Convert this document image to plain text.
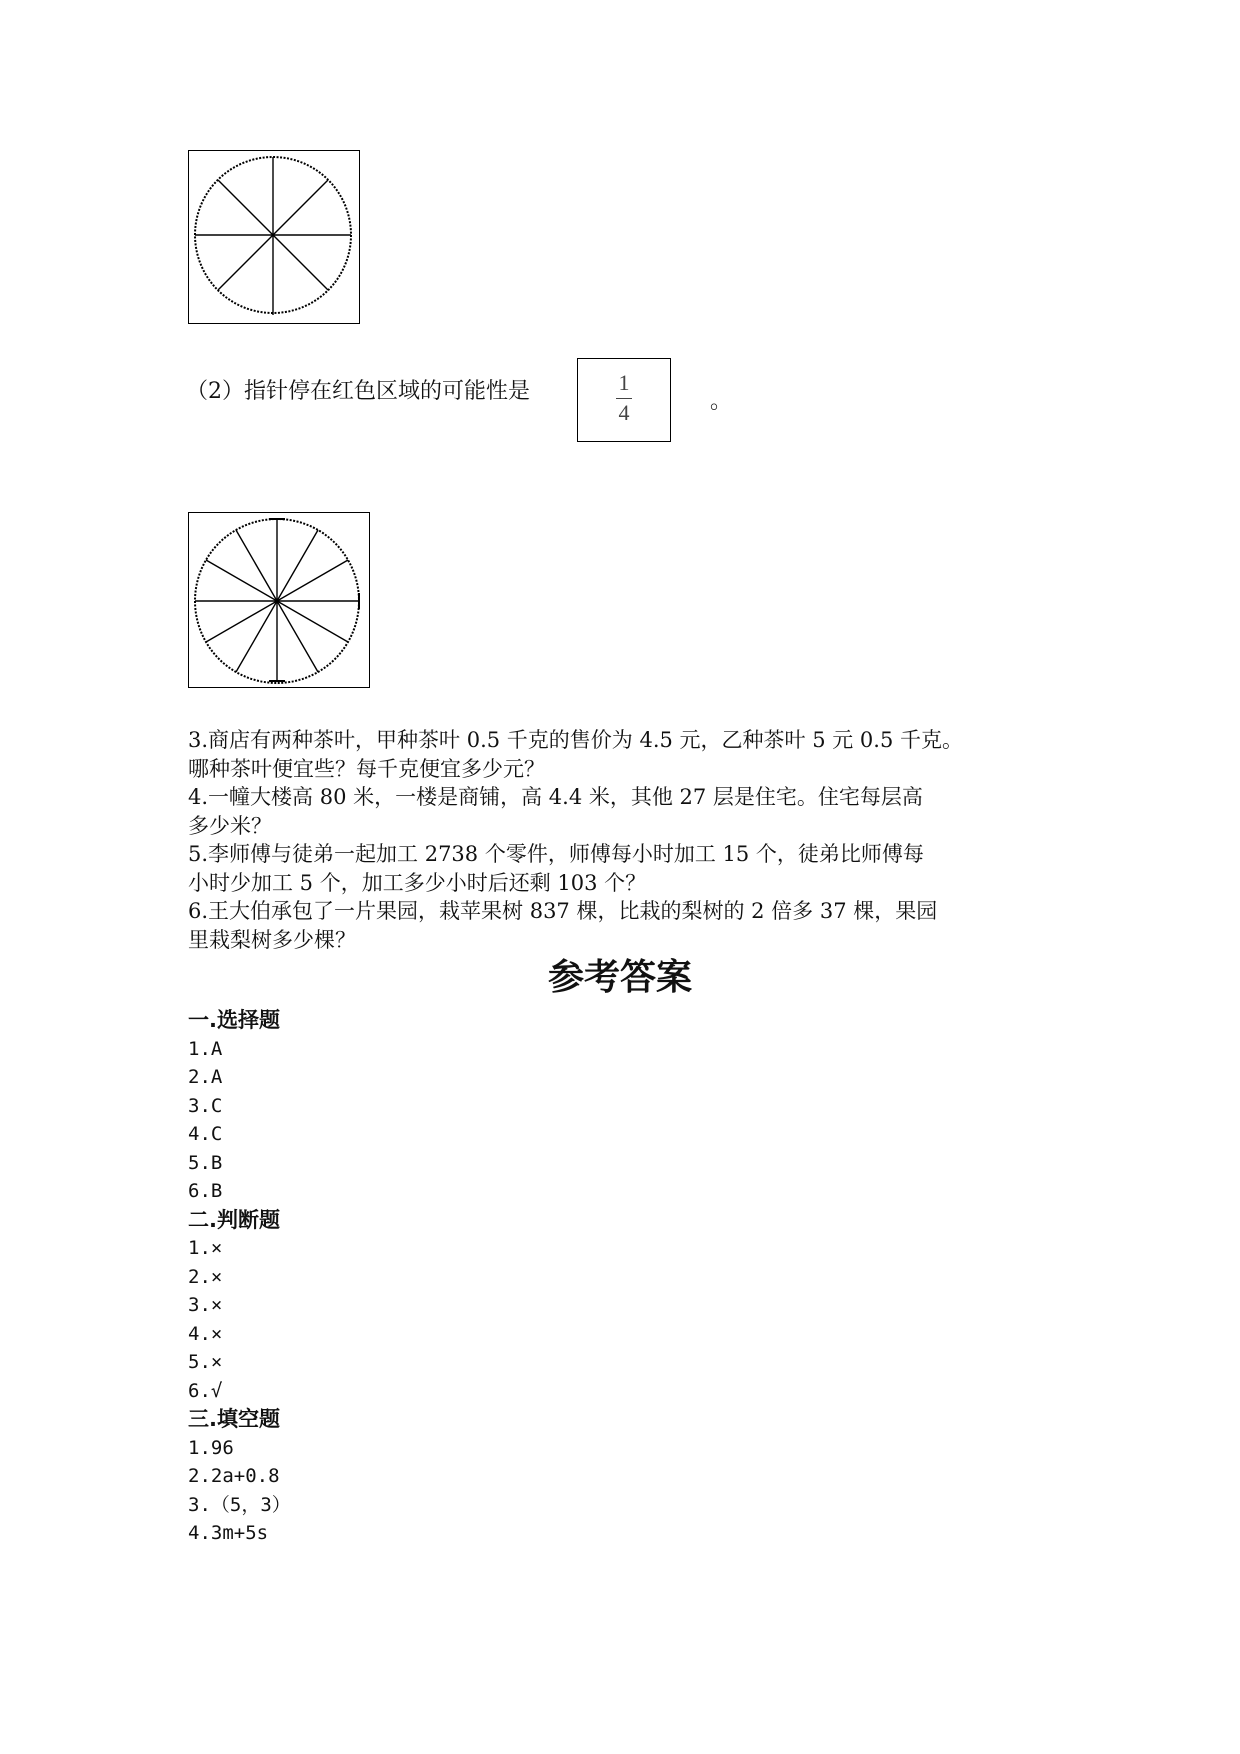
（2）指针停在红色区域的可能性是	1
4	。

3.商店有两种茶叶，甲种茶叶 0.5 千克的售价为 4.5 元，乙种茶叶 5 元 0.5 千克。

哪种茶叶便宜些？每千克便宜多少元？

4.一幢大楼高 80 米，一楼是商铺，高 4.4 米，其他 27 层是住宅。住宅每层高

多少米？

5.李师傅与徒弟一起加工 2738 个零件，师傅每小时加工 15 个，徒弟比师傅每

小时少加工 5 个，加工多少小时后还剩 103 个？

6.王大伯承包了一片果园，栽苹果树 837 棵，比栽的梨树的 2 倍多 37 棵，果园

里栽梨树多少棵？

参考答案
一.选择题
1.A
2.A
3.C
4.C
5.B
6.B
二.判断题
1.×
2.×
3.×
4.×
5.×
6.√
三.填空题
1.96
2.2a+0.8
3.（5，3）
4.3m+5s
